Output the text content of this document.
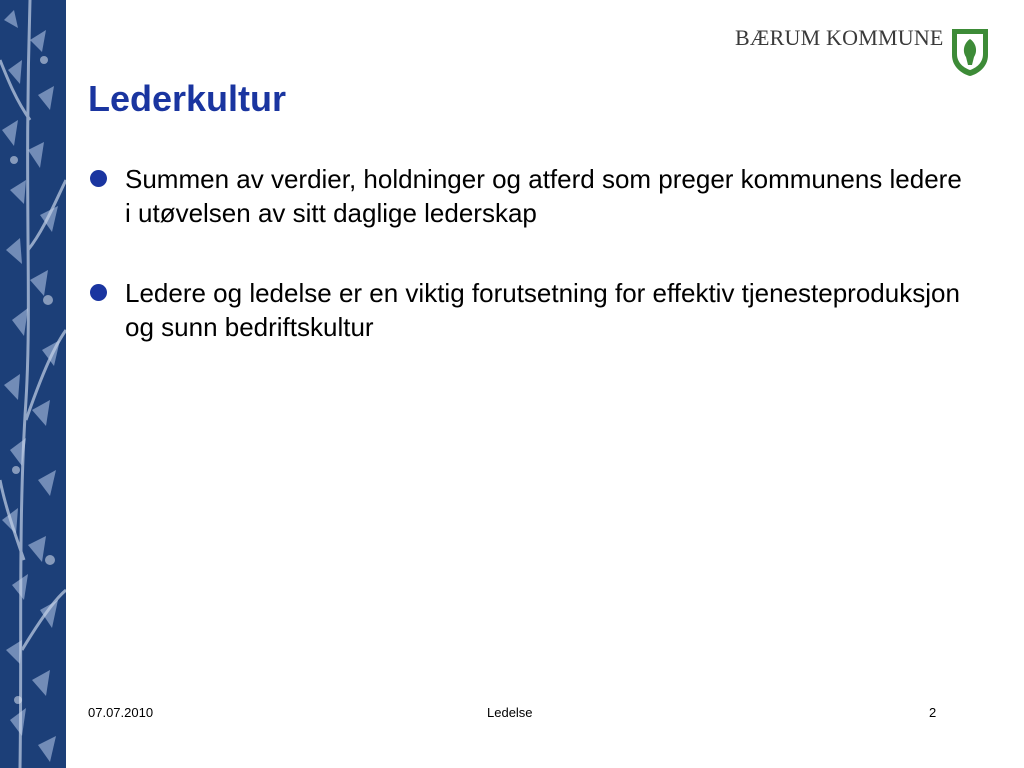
BÆRUM KOMMUNE
Lederkultur
Summen av verdier, holdninger og atferd som preger kommunens ledere i utøvelsen av sitt daglige lederskap
Ledere og ledelse er en viktig forutsetning for effektiv tjenesteproduksjon og sunn bedriftskultur
07.07.2010	Ledelse	2
